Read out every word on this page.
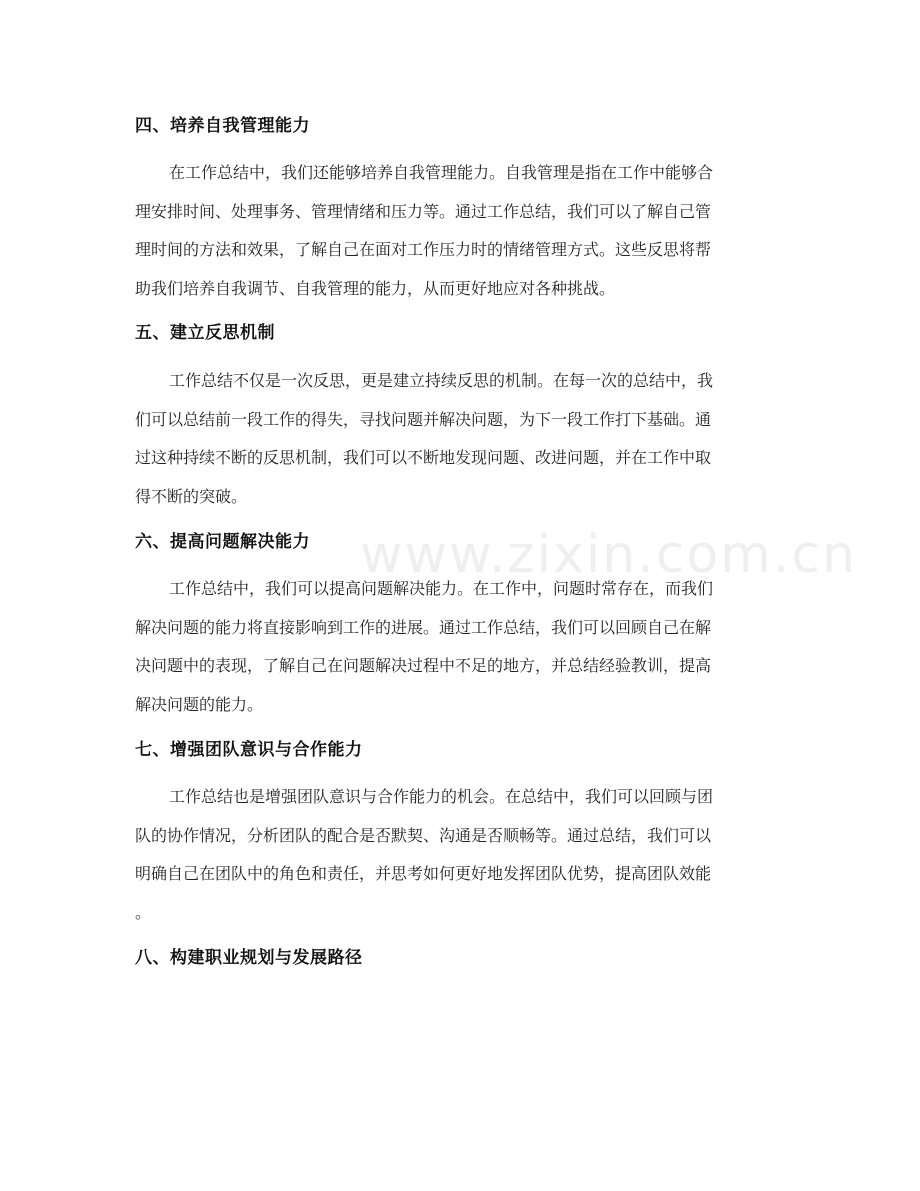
www.zixin.com.cn
四、培养自我管理能力
在工作总结中，我们还能够培养自我管理能力。自我管理是指在工作中能够合
理安排时间、处理事务、管理情绪和压力等。通过工作总结，我们可以了解自己管
理时间的方法和效果，了解自己在面对工作压力时的情绪管理方式。这些反思将帮
助我们培养自我调节、自我管理的能力，从而更好地应对各种挑战。
五、建立反思机制
工作总结不仅是一次反思，更是建立持续反思的机制。在每一次的总结中，我
们可以总结前一段工作的得失，寻找问题并解决问题，为下一段工作打下基础。通
过这种持续不断的反思机制，我们可以不断地发现问题、改进问题，并在工作中取
得不断的突破。
六、提高问题解决能力
工作总结中，我们可以提高问题解决能力。在工作中，问题时常存在，而我们
解决问题的能力将直接影响到工作的进展。通过工作总结，我们可以回顾自己在解
决问题中的表现，了解自己在问题解决过程中不足的地方，并总结经验教训，提高
解决问题的能力。
七、增强团队意识与合作能力
工作总结也是增强团队意识与合作能力的机会。在总结中，我们可以回顾与团
队的协作情况，分析团队的配合是否默契、沟通是否顺畅等。通过总结，我们可以
明确自己在团队中的角色和责任，并思考如何更好地发挥团队优势，提高团队效能
。
八、构建职业规划与发展路径
